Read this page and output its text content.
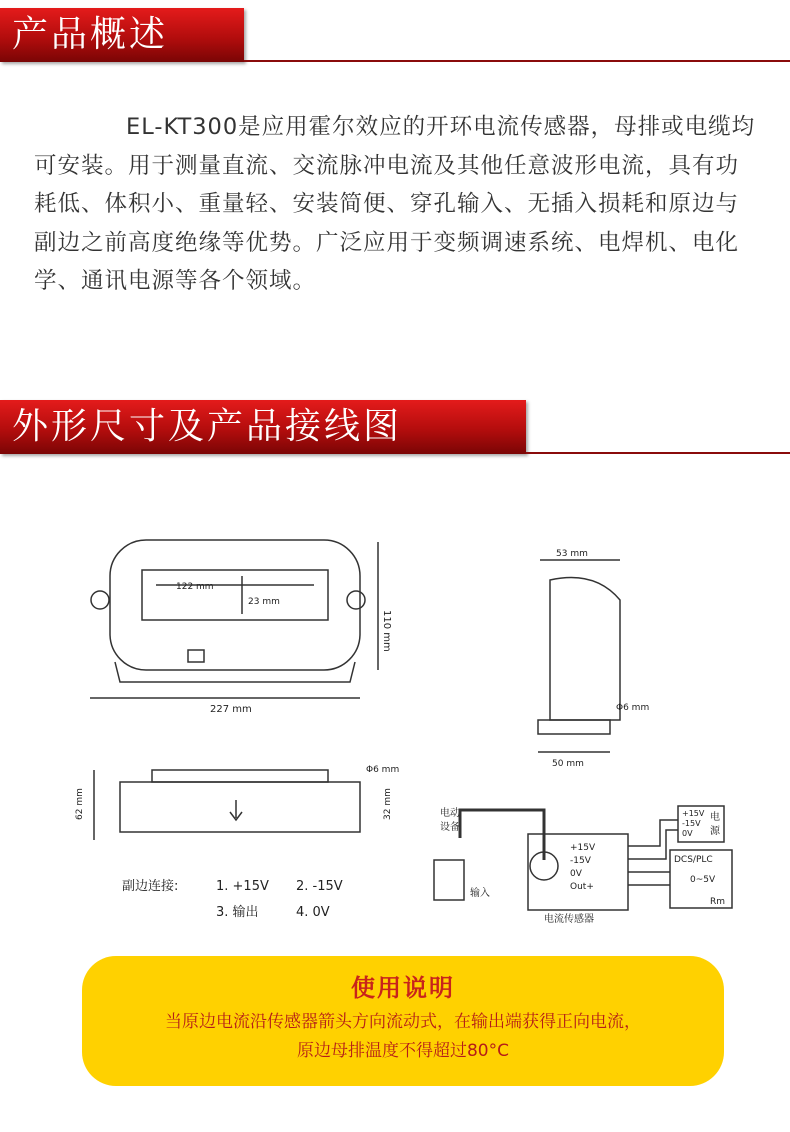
产品概述

EL-KT300是应用霍尔效应的开环电流传感器，母排或电缆均可安装。用于测量直流、交流脉冲电流及其他任意波形电流，具有功耗低、体积小、重量轻、安装简便、穿孔输入、无插入损耗和原边与副边之前高度绝缘等优势。广泛应用于变频调速系统、电焊机、电化学、通讯电源等各个领域。

外形尺寸及产品接线图
122 mm
23 mm
227 mm
110 mm
53 mm
50 mm
Φ6 mm
62 mm
Φ6 mm
32 mm
副边连接:	1. +15V 2. -15V
3. 输出	4. 0V
电动
设备
输入
+15V
-15V
0V
Out+
电流传感器
+15V
-15V
0V
电
源
DCS/PLC
0~5V
Rm
使用说明
当原边电流沿传感器箭头方向流动式，在输出端获得正向电流，
原边母排温度不得超过80°C
